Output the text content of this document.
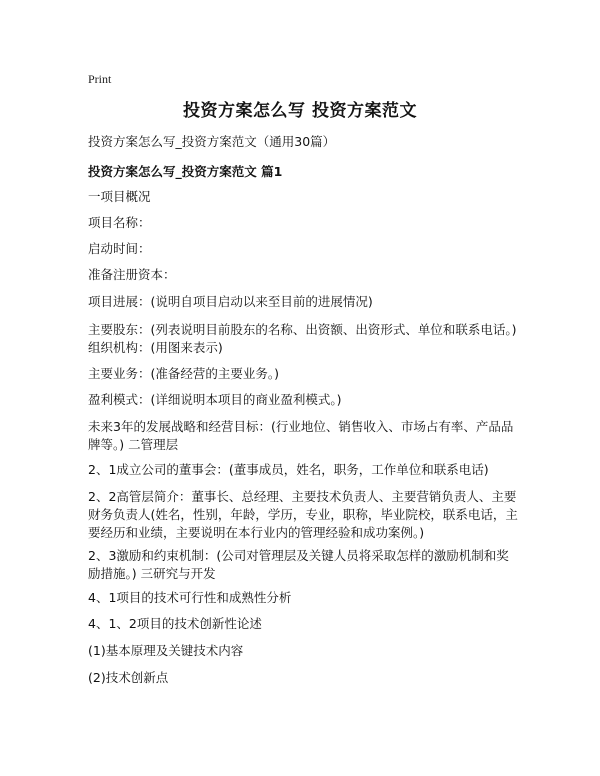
Print
投资方案怎么写 投资方案范文
投资方案怎么写_投资方案范文（通用30篇）
投资方案怎么写_投资方案范文 篇1
一项目概况
项目名称：
启动时间：
准备注册资本：
项目进展：(说明自项目启动以来至目前的进展情况)
主要股东：(列表说明目前股东的名称、出资额、出资形式、单位和联系电话。) 组织机构：(用图来表示)
主要业务：(准备经营的主要业务。)
盈利模式：(详细说明本项目的商业盈利模式。)
未来3年的发展战略和经营目标：(行业地位、销售收入、市场占有率、产品品牌等。) 二管理层
2、1成立公司的董事会：(董事成员，姓名，职务，工作单位和联系电话)
2、2高管层简介：董事长、总经理、主要技术负责人、主要营销负责人、主要财务负责人(姓名，性别，年龄，学历，专业，职称，毕业院校，联系电话，主要经历和业绩，主要说明在本行业内的管理经验和成功案例。)
2、3激励和约束机制：(公司对管理层及关键人员将采取怎样的激励机制和奖励措施。) 三研究与开发
4、1项目的技术可行性和成熟性分析
4、1、2项目的技术创新性论述
(1)基本原理及关键技术内容
(2)技术创新点
